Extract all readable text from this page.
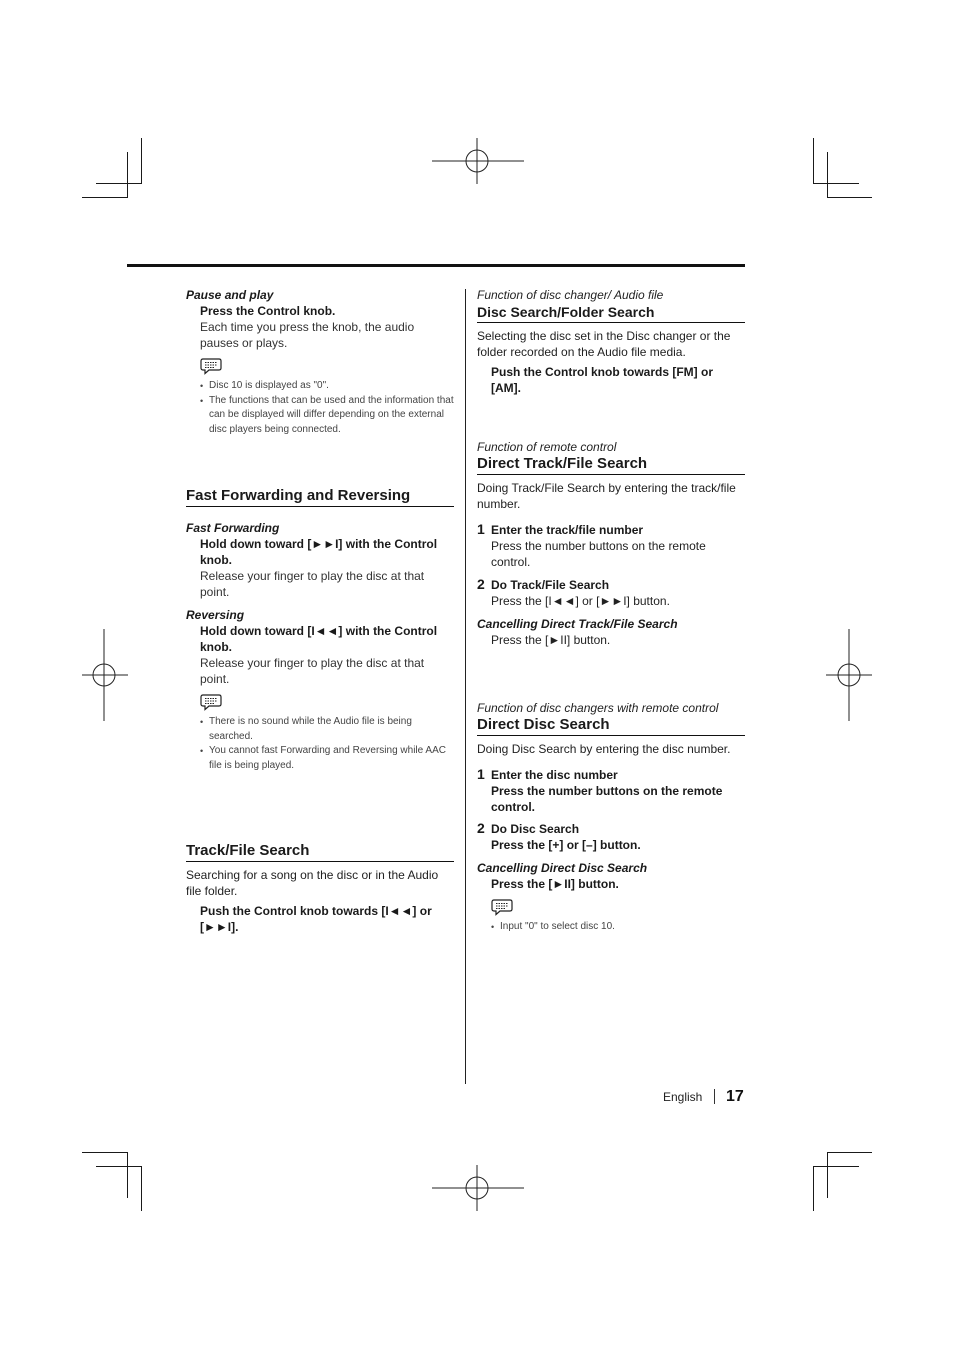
Pause and play

Press the Control knob.

Each time you press the knob, the audio pauses or plays.

• Disc 10 is displayed as "0".
• The functions that can be used and the information that can be displayed will differ depending on the external disc players being connected.
Fast Forwarding and Reversing

Fast Forwarding

Hold down toward [►►I] with the Control knob.

Release your finger to play the disc at that point.

Reversing

Hold down toward [I◄◄] with the Control knob.

Release your finger to play the disc at that point.

• There is no sound while the Audio file is being searched.
• You cannot fast Forwarding and Reversing while AAC file is being played.
Track/File Search

Searching for a song on the disc or in the Audio file folder.

Push the Control knob towards [I◄◄] or [►►I].

Function of disc changer/ Audio file

Disc Search/Folder Search

Selecting the disc set in the Disc changer or the folder recorded on the Audio file media.

Push the Control knob towards [FM] or [AM].

Function of remote control

Direct Track/File Search

Doing Track/File Search by entering the track/file number.

1 Enter the track/file number

Press the number buttons on the remote control.

2 Do Track/File Search

Press the [I◄◄] or [►►I] button.

Cancelling Direct Track/File Search

Press the [►II] button.

Function of disc changers with remote control

Direct Disc Search

Doing Disc Search by entering the disc number.

1 Enter the disc number

Press the number buttons on the remote control.

2 Do Disc Search

Press the [+] or [–] button.

Cancelling Direct Disc Search

Press the [►II] button.

• Input "0" to select disc 10.
English 17
